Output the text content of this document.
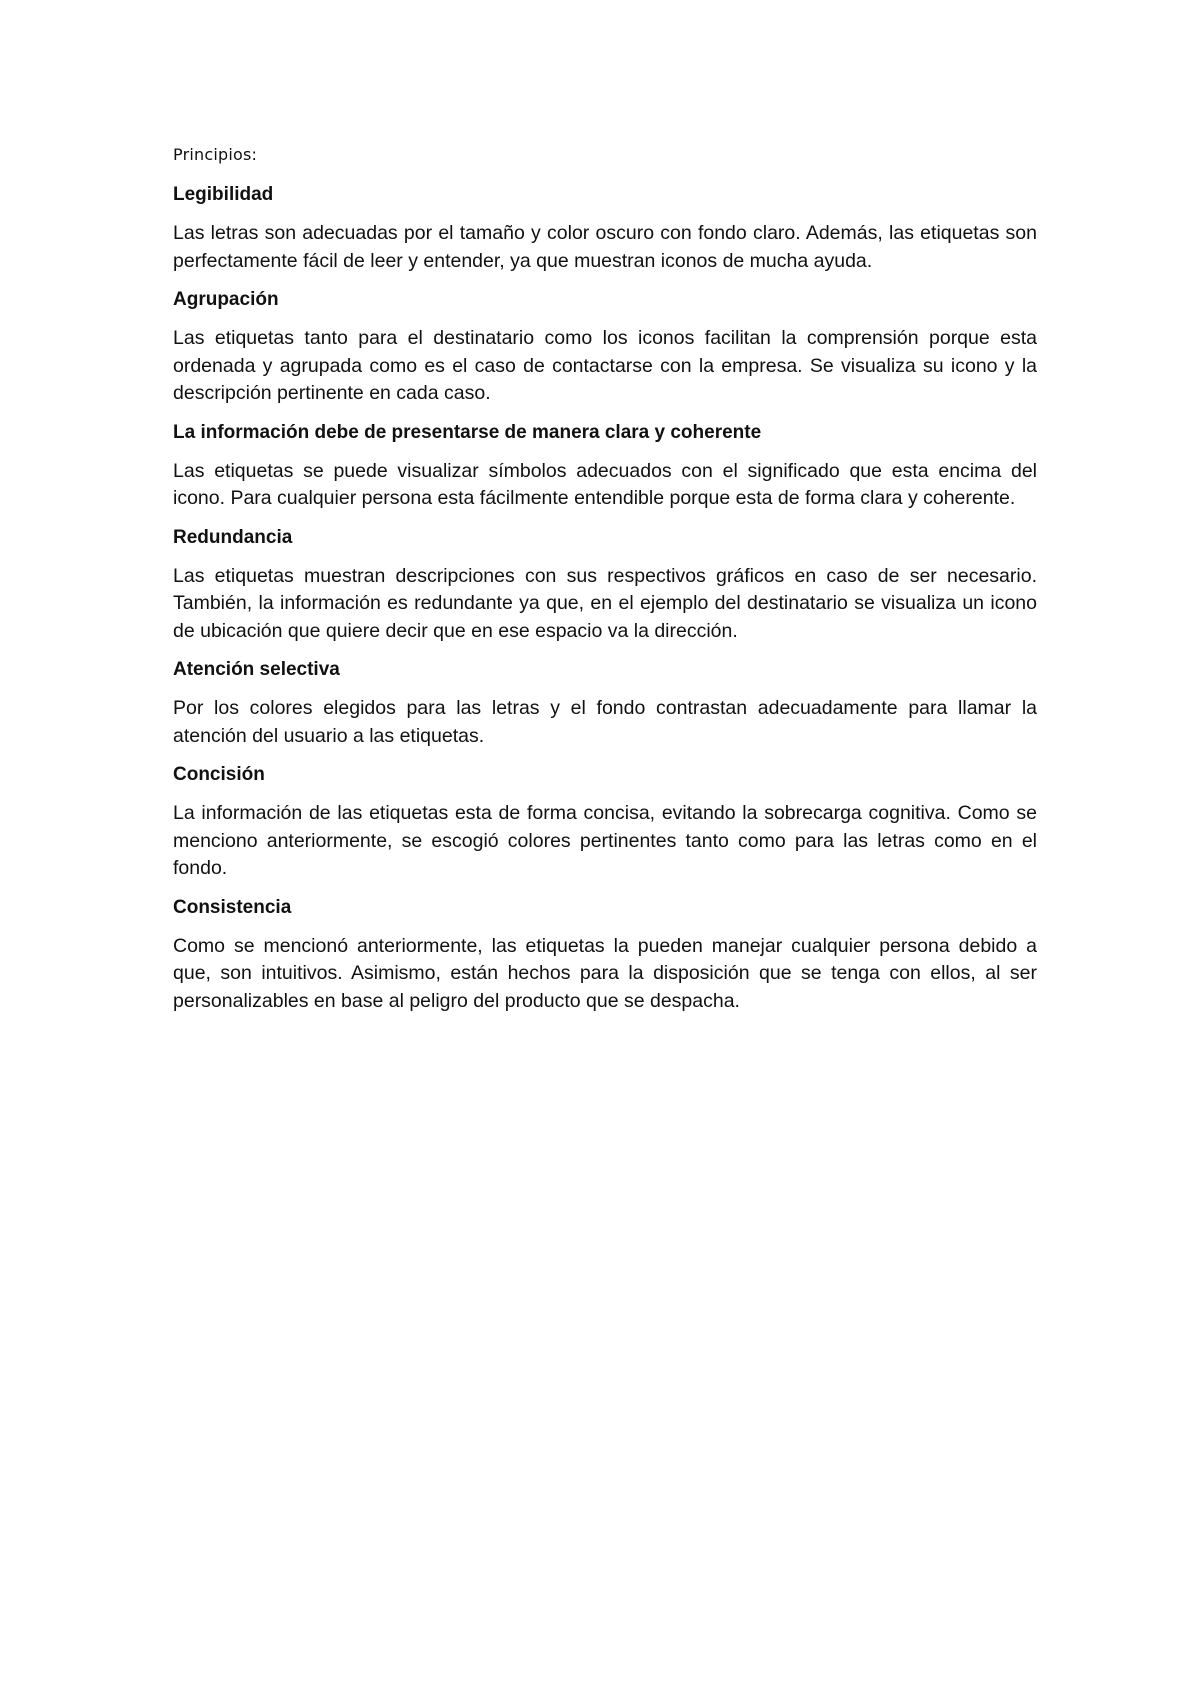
Principios:

Legibilidad

Las letras son adecuadas por el tamaño y color oscuro con fondo claro. Además, las etiquetas son perfectamente fácil de leer y entender, ya que muestran iconos de mucha ayuda.

Agrupación

Las etiquetas tanto para el destinatario como los iconos facilitan la comprensión porque esta ordenada y agrupada como es el caso de contactarse con la empresa. Se visualiza su icono y la descripción pertinente en cada caso.

La información debe de presentarse de manera clara y coherente

Las etiquetas se puede visualizar símbolos adecuados con el significado que esta encima del icono. Para cualquier persona esta fácilmente entendible porque esta de forma clara y coherente.

Redundancia

Las etiquetas muestran descripciones con sus respectivos gráficos en caso de ser necesario. También, la información es redundante ya que, en el ejemplo del destinatario se visualiza un icono de ubicación que quiere decir que en ese espacio va la dirección.

Atención selectiva

Por los colores elegidos para las letras y el fondo contrastan adecuadamente para llamar la atención del usuario a las etiquetas.

Concisión

La información de las etiquetas esta de forma concisa, evitando la sobrecarga cognitiva. Como se menciono anteriormente, se escogió colores pertinentes tanto como para las letras como en el fondo.

Consistencia

Como se mencionó anteriormente, las etiquetas la pueden manejar cualquier persona debido a que, son intuitivos. Asimismo, están hechos para la disposición que se tenga con ellos, al ser personalizables en base al peligro del producto que se despacha.
